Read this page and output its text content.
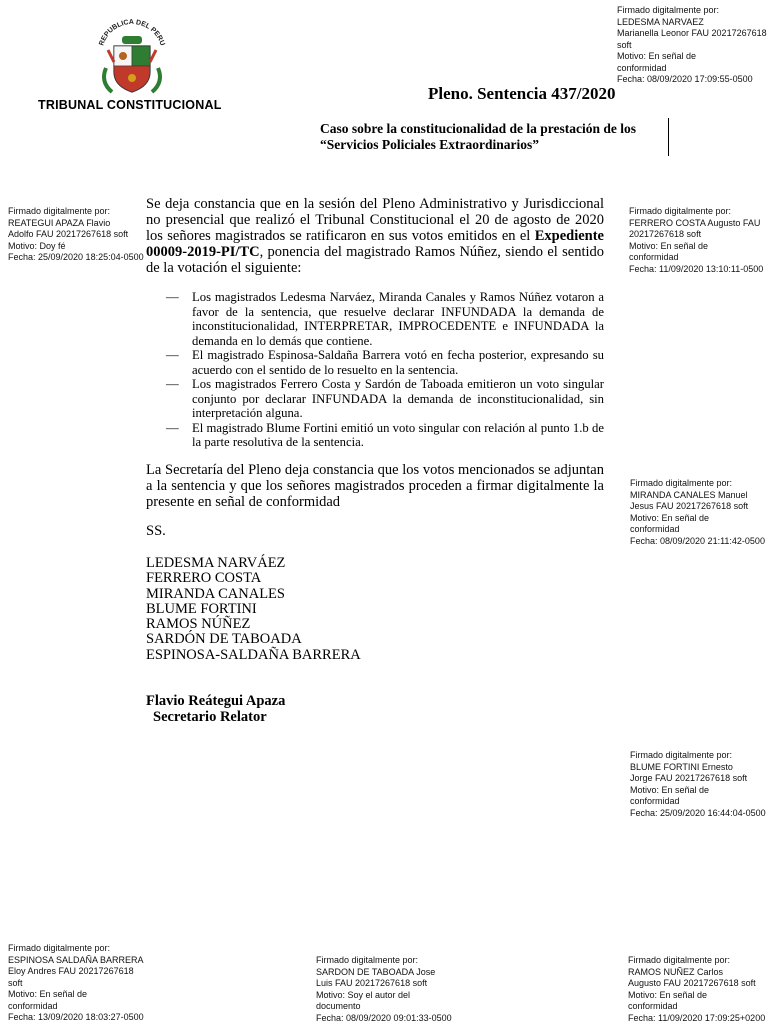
REPUBLICA DEL PERU
TRIBUNAL CONSTITUCIONAL
Pleno. Sentencia 437/2020
Caso sobre la constitucionalidad de la prestación de los “Servicios Policiales Extraordinarios”
Firmado digitalmente por:
LEDESMA NARVAEZ
Marianella Leonor FAU 20217267618
soft
Motivo: En señal de
conformidad
Fecha: 08/09/2020 17:09:55-0500
Firmado digitalmente por:
REATEGUI APAZA Flavio
Adolfo FAU 20217267618 soft
Motivo: Doy fé
Fecha: 25/09/2020 18:25:04-0500
Firmado digitalmente por:
FERRERO COSTA Augusto FAU
20217267618 soft
Motivo: En señal de
conformidad
Fecha: 11/09/2020 13:10:11-0500
Firmado digitalmente por:
MIRANDA CANALES Manuel
Jesus FAU 20217267618 soft
Motivo: En señal de
conformidad
Fecha: 08/09/2020 21:11:42-0500
Firmado digitalmente por:
BLUME FORTINI Ernesto
Jorge FAU 20217267618 soft
Motivo: En señal de
conformidad
Fecha: 25/09/2020 16:44:04-0500
Firmado digitalmente por:
ESPINOSA SALDAÑA BARRERA
Eloy Andres FAU 20217267618
soft
Motivo: En señal de
conformidad
Fecha: 13/09/2020 18:03:27-0500
Firmado digitalmente por:
SARDON DE TABOADA Jose
Luis FAU 20217267618 soft
Motivo: Soy el autor del
documento
Fecha: 08/09/2020 09:01:33-0500
Firmado digitalmente por:
RAMOS NUÑEZ Carlos
Augusto FAU 20217267618 soft
Motivo: En señal de
conformidad
Fecha: 11/09/2020 17:09:25+0200
Se deja constancia que en la sesión del Pleno Administrativo y Jurisdiccional no presencial que realizó el Tribunal Constitucional el 20 de agosto de 2020 los señores magistrados se ratificaron en sus votos emitidos en el Expediente 00009-2019-PI/TC, ponencia del magistrado Ramos Núñez, siendo el sentido de la votación el siguiente:
— Los magistrados Ledesma Narváez, Miranda Canales y Ramos Núñez votaron a favor de la sentencia, que resuelve declarar INFUNDADA la demanda de inconstitucionalidad, INTERPRETAR, IMPROCEDENTE e INFUNDADA la demanda en lo demás que contiene.
— El magistrado Espinosa-Saldaña Barrera votó en fecha posterior, expresando su acuerdo con el sentido de lo resuelto en la sentencia.
— Los magistrados Ferrero Costa y Sardón de Taboada emitieron un voto singular conjunto por declarar INFUNDADA la demanda de inconstitucionalidad, sin interpretación alguna.
— El magistrado Blume Fortini emitió un voto singular con relación al punto 1.b de la parte resolutiva de la sentencia.
La Secretaría del Pleno deja constancia que los votos mencionados se adjuntan a la sentencia y que los señores magistrados proceden a firmar digitalmente la presente en señal de conformidad
SS.
LEDESMA NARVÁEZ
FERRERO COSTA
MIRANDA CANALES
BLUME FORTINI
RAMOS NÚÑEZ
SARDÓN DE TABOADA
ESPINOSA-SALDAÑA BARRERA
Flavio Reátegui Apaza
Secretario Relator
